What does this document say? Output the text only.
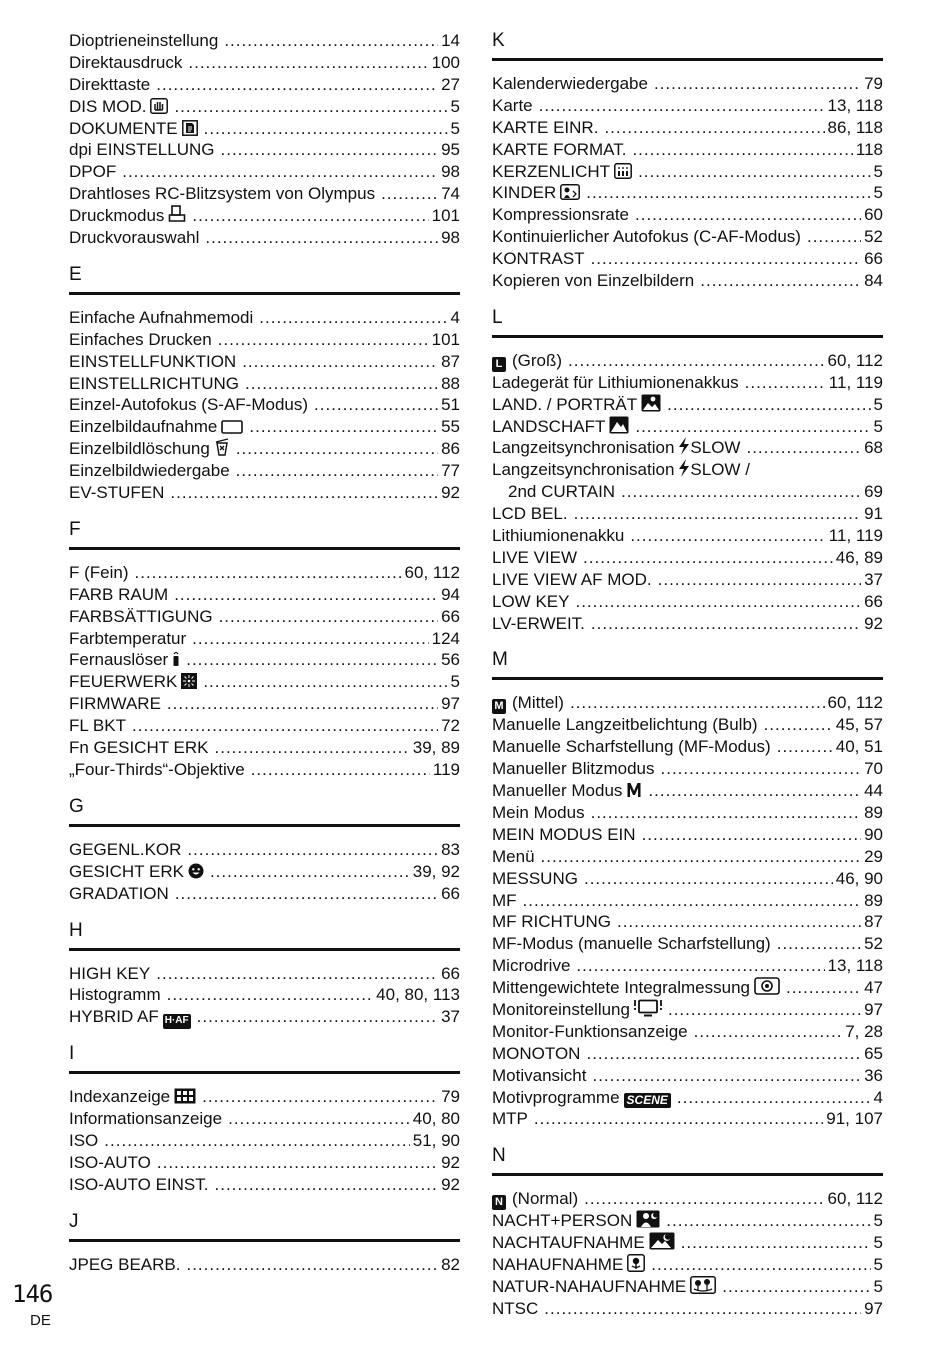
Dioptrieneinstellung .....	14
Direktausdruck .....	100
Direkttaste .....	27
DIS MOD. .....	5
DOKUMENTE .....	5
dpi EINSTELLUNG .....	95
DPOF .....	98
Drahtloses RC-Blitzsystem von Olympus .....	74
Druckmodus .....	101
Druckvorauswahl .....	98
E
Einfache Aufnahmemodi .....	4
Einfaches Drucken .....	101
EINSTELLFUNKTION .....	87
EINSTELLRICHTUNG .....	88
Einzel-Autofokus (S-AF-Modus) .....	51
Einzelbildaufnahme .....	55
Einzelbildlöschung .....	86
Einzelbildwiedergabe .....	77
EV-STUFEN .....	92
F
F (Fein) .....	60, 112
FARB RAUM .....	94
FARBSÄTTIGUNG .....	66
Farbtemperatur .....	124
Fernauslöser .....	56
FEUERWERK .....	5
FIRMWARE .....	97
FL BKT .....	72
Fn GESICHT ERK .....	39, 89
„Four-Thirds“-Objektive .....	119
G
GEGENL.KOR .....	83
GESICHT ERK .....	39, 92
GRADATION .....	66
H
HIGH KEY .....	66
Histogramm .....	40, 80, 113
HYBRID AF H·AF .....	37
I
Indexanzeige .....	79
Informationsanzeige .....	40, 80
ISO .....	51, 90
ISO-AUTO .....	92
ISO-AUTO EINST. .....	92
J
JPEG BEARB. .....	82
K
Kalenderwiedergabe .....	79
Karte .....	13, 118
KARTE EINR. .....	86, 118
KARTE FORMAT. .....	118
KERZENLICHT .....	5
KINDER .....	5
Kompressionsrate .....	60
Kontinuierlicher Autofokus (C-AF-Modus) .....	52
KONTRAST .....	66
Kopieren von Einzelbildern .....	84
L
L (Groß) .....	60, 112
Ladegerät für Lithiumionenakkus .....	11, 119
LAND. / PORTRÄT .....	5
LANDSCHAFT .....	5
Langzeitsynchronisation SLOW .....	68
Langzeitsynchronisation SLOW /
2nd CURTAIN .....	69
LCD BEL. .....	91
Lithiumionenakku .....	11, 119
LIVE VIEW .....	46, 89
LIVE VIEW AF MOD. .....	37
LOW KEY .....	66
LV-ERWEIT. .....	92
M
M (Mittel) .....	60, 112
Manuelle Langzeitbelichtung (Bulb) .....	45, 57
Manuelle Scharfstellung (MF-Modus) .....	40, 51
Manueller Blitzmodus .....	70
Manueller Modus .....	44
Mein Modus .....	89
MEIN MODUS EIN .....	90
Menü .....	29
MESSUNG .....	46, 90
MF .....	89
MF RICHTUNG .....	87
MF-Modus (manuelle Scharfstellung) .....	52
Microdrive .....	13, 118
Mittengewichtete Integralmessung .....	47
Monitoreinstellung .....	97
Monitor-Funktionsanzeige .....	7, 28
MONOTON .....	65
Motivansicht .....	36
Motivprogramme SCENE .....	4
MTP .....	91, 107
N
N (Normal) .....	60, 112
NACHT+PERSON .....	5
NACHTAUFNAHME .....	5
NAHAUFNAHME .....	5
NATUR-NAHAUFNAHME .....	5
NTSC .....	97
146
DE
